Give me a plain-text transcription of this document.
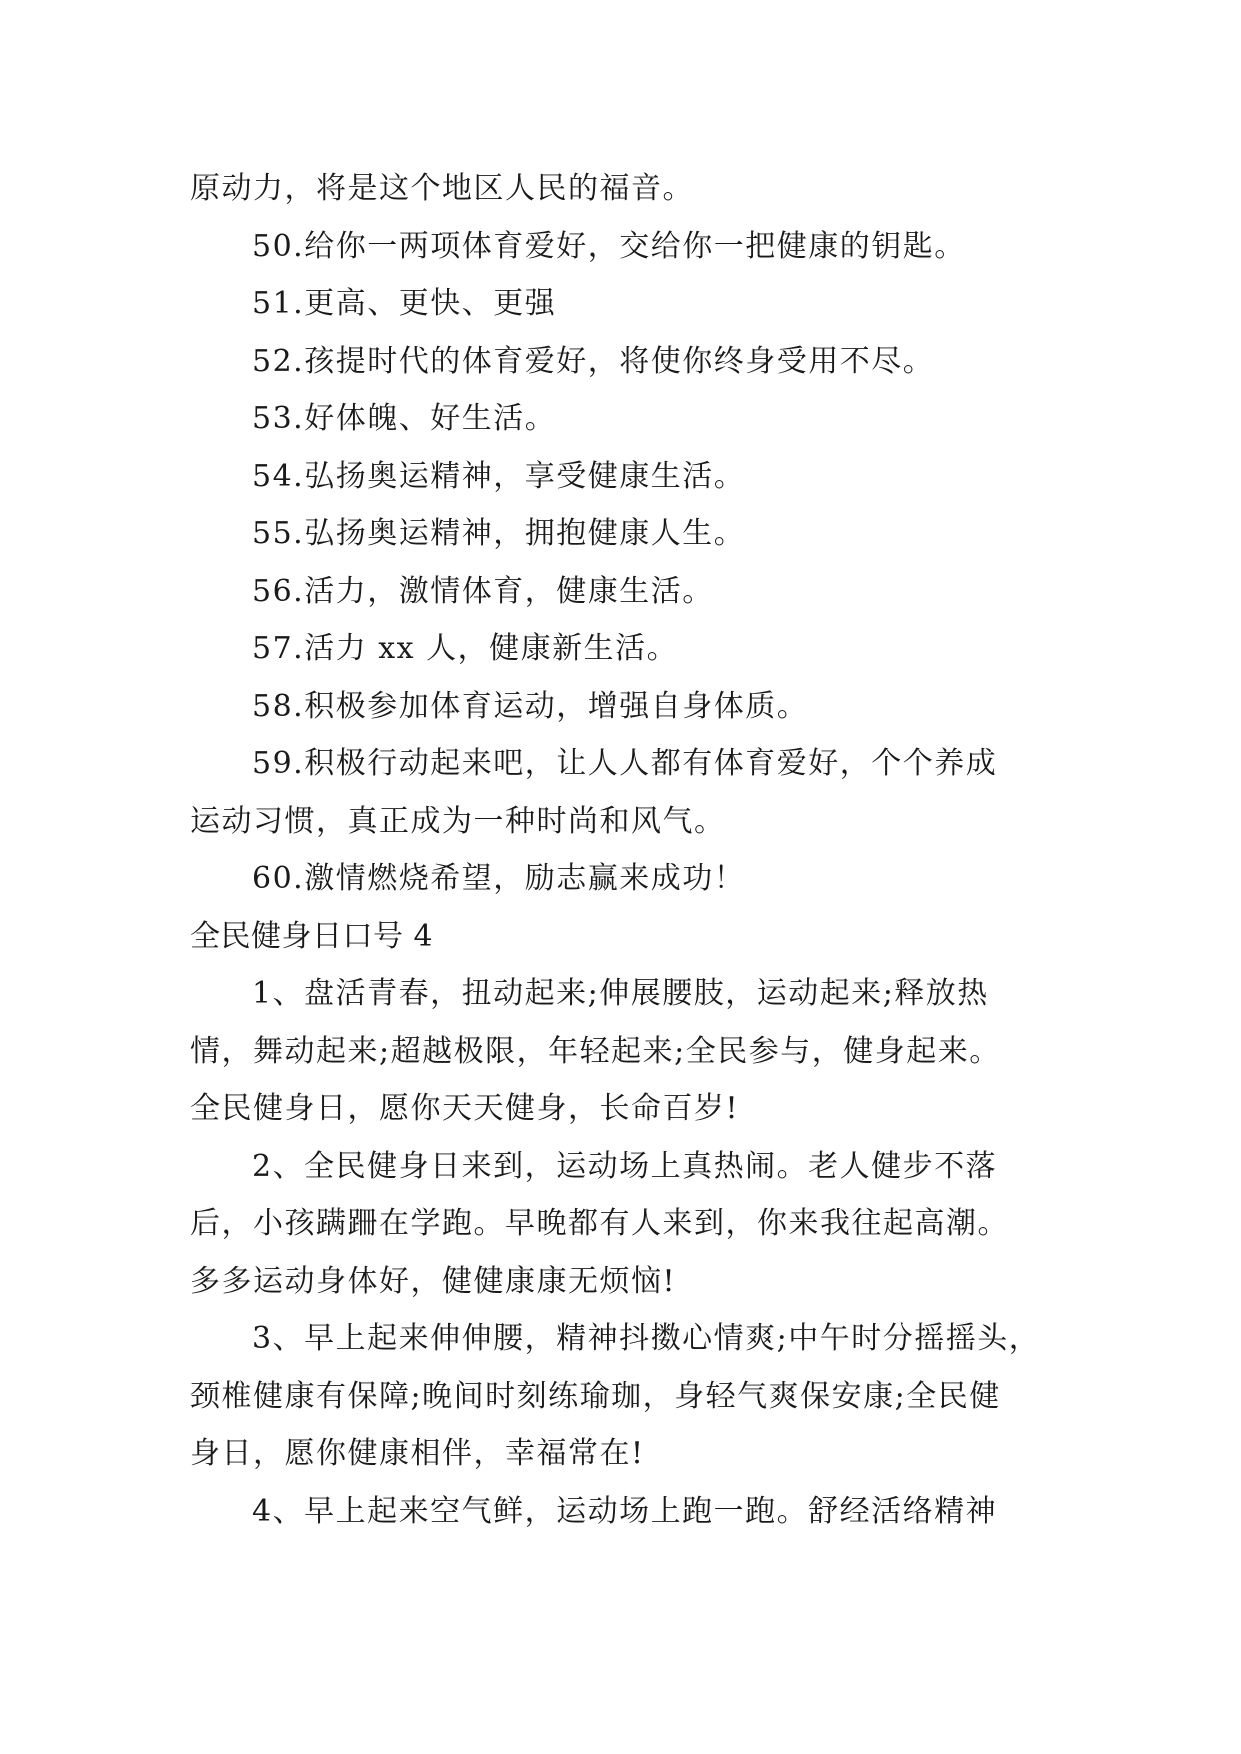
原动力，将是这个地区人民的福音。
50.给你一两项体育爱好，交给你一把健康的钥匙。
51.更高、更快、更强
52.孩提时代的体育爱好，将使你终身受用不尽。
53.好体魄、好生活。
54.弘扬奥运精神，享受健康生活。
55.弘扬奥运精神，拥抱健康人生。
56.活力，激情体育，健康生活。
57.活力 xx 人，健康新生活。
58.积极参加体育运动，增强自身体质。
59.积极行动起来吧，让人人都有体育爱好，个个养成
运动习惯，真正成为一种时尚和风气。
60.激情燃烧希望，励志赢来成功！
全民健身日口号 4
1、盘活青春，扭动起来;伸展腰肢，运动起来;释放热
情，舞动起来;超越极限，年轻起来;全民参与，健身起来。
全民健身日，愿你天天健身，长命百岁!
2、全民健身日来到，运动场上真热闹。老人健步不落
后，小孩蹒跚在学跑。早晚都有人来到，你来我往起高潮。
多多运动身体好，健健康康无烦恼!
3、早上起来伸伸腰，精神抖擞心情爽;中午时分摇摇头，
颈椎健康有保障;晚间时刻练瑜珈，身轻气爽保安康;全民健
身日，愿你健康相伴，幸福常在!
4、早上起来空气鲜，运动场上跑一跑。舒经活络精神
